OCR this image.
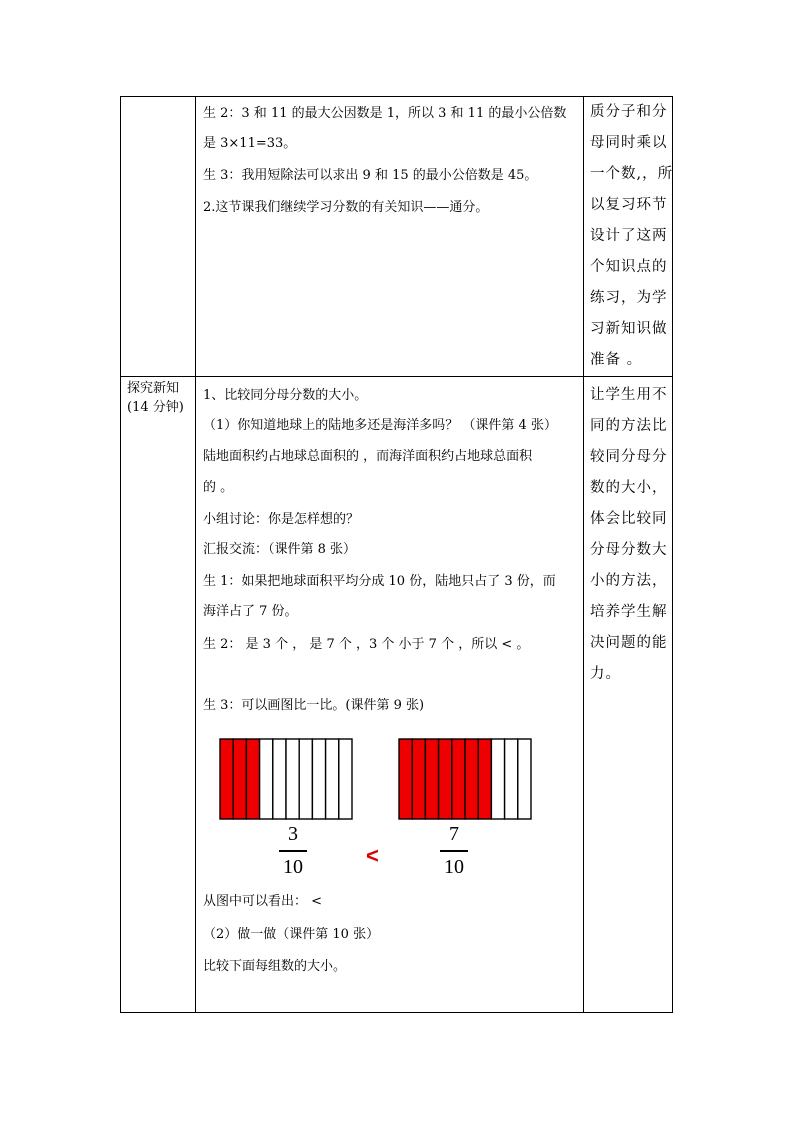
生 2：3 和 11 的最大公因数是 1，所以 3 和 11 的最小公倍数
是 3×11=33。
生 3：我用短除法可以求出 9 和 15 的最小公倍数是 45。
2.这节课我们继续学习分数的有关知识——通分。
质分子和分
母同时乘以
一个数,，所
以复习环节
设计了这两
个知识点的
练习，为学
习新知识做
准备 。
探究新知
(14 分钟)
1、比较同分母分数的大小。
（1）你知道地球上的陆地多还是海洋多吗？ （课件第 4 张）
陆地面积约占地球总面积的 ，而海洋面积约占地球总面积
的 。
小组讨论：你是怎样想的？
汇报交流：（课件第 8 张）
生 1：如果把地球面积平均分成 10 份，陆地只占了 3 份，而
海洋占了 7 份。
生 2： 是 3 个 ， 是 7 个 ，3 个 小于 7 个 ，所以 < 。
生 3：可以画图比一比。(课件第 9 张)
3
10	<
7
10
从图中可以看出： <
（2）做一做（课件第 10 张）
比较下面每组数的大小。
让学生用不
同的方法比
较同分母分
数的大小，
体会比较同
分母分数大
小的方法，
培养学生解
决问题的能
力。
